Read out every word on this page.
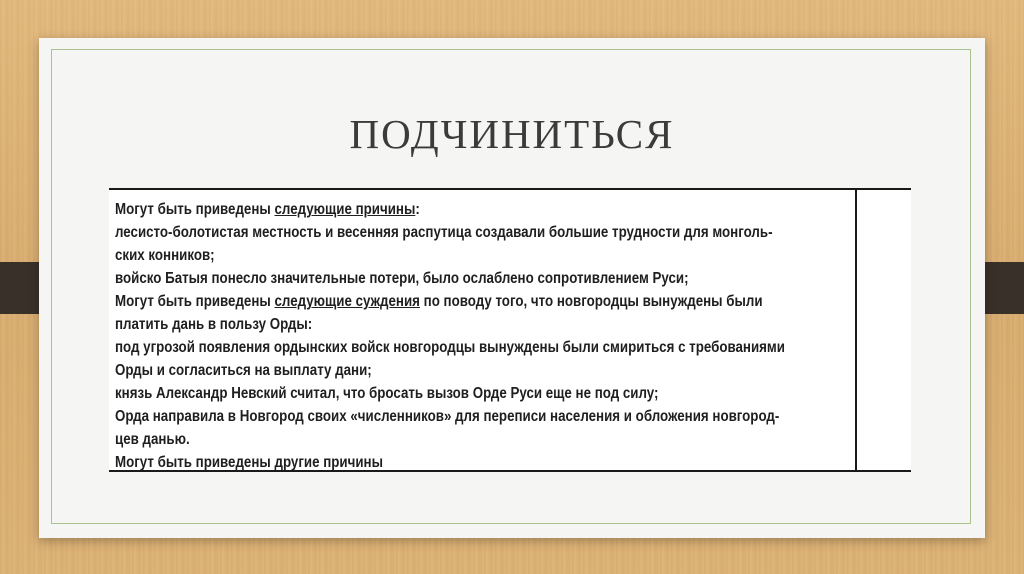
ПОДЧИНИТЬСЯ
Могут быть приведены следующие причины:
лесисто-болотистая местность и весенняя распутица создавали большие трудности для монголь-
ских конников;
войско Батыя понесло значительные потери, было ослаблено сопротивлением Руси;
Могут быть приведены следующие суждения по поводу того, что новгородцы вынуждены были
платить дань в пользу Орды:
под угрозой появления ордынских войск новгородцы вынуждены были смириться с требованиями
Орды и согласиться на выплату дани;
князь Александр Невский считал, что бросать вызов Орде Руси еще не под силу;
Орда направила в Новгород своих «численников» для переписи населения и обложения новгород-
цев данью.
Могут быть приведены другие причины
